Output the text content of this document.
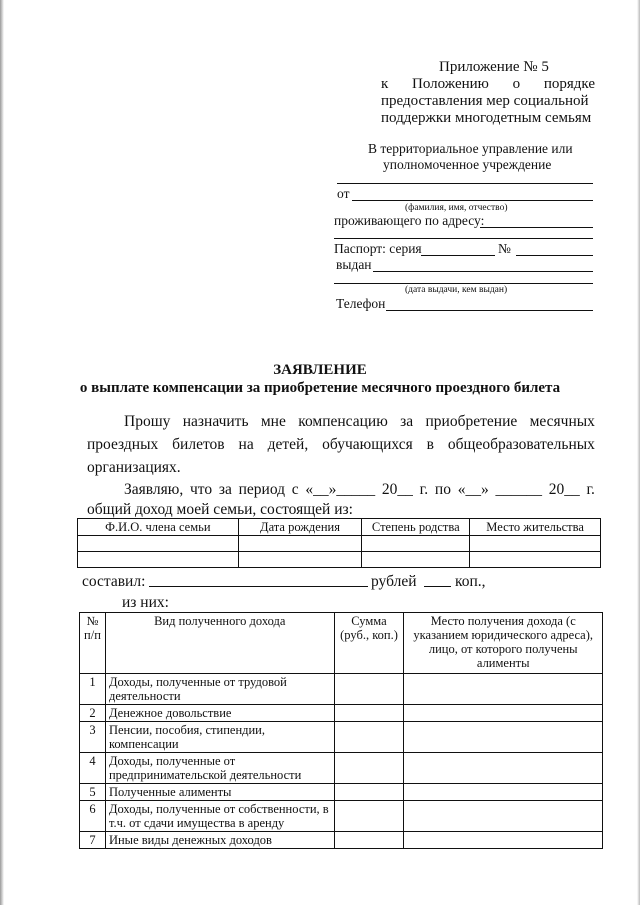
Приложение № 5
к Положению о порядке
предоставления мер социальной
поддержки многодетным семьям
В территориальное управление или
уполномоченное учреждение
от
(фамилия, имя, отчество)
проживающего по адресу:
Паспорт: серия	№
выдан
(дата выдачи, кем выдан)
Телефон
ЗАЯВЛЕНИЕ
о выплате компенсации за приобретение месячного проездного билета
Прошу назначить мне компенсацию за приобретение месячных
проездных билетов на детей, обучающихся в общеобразовательных
организациях.
Заявляю, что за период с «__»_____ 20__ г. по «__» ______ 20__ г.
общий доход моей семьи, состоящей из:
Ф.И.О. члена семьи	Дата рождения	Степень родства	Место жительства

составил:	рублей коп.,
из них:
№ п/п	Вид полученного дохода	Сумма (руб., коп.)	Место получения дохода (с указанием юридического адреса), лицо, от которого получены алименты
1	Доходы, полученные от трудовой деятельности		
2	Денежное довольствие		
3	Пенсии, пособия, стипендии, компенсации		
4	Доходы, полученные от предпринимательской деятельности		
5	Полученные алименты		
6	Доходы, полученные от собственности, в т.ч. от сдачи имущества в аренду		
7	Иные виды денежных доходов		
